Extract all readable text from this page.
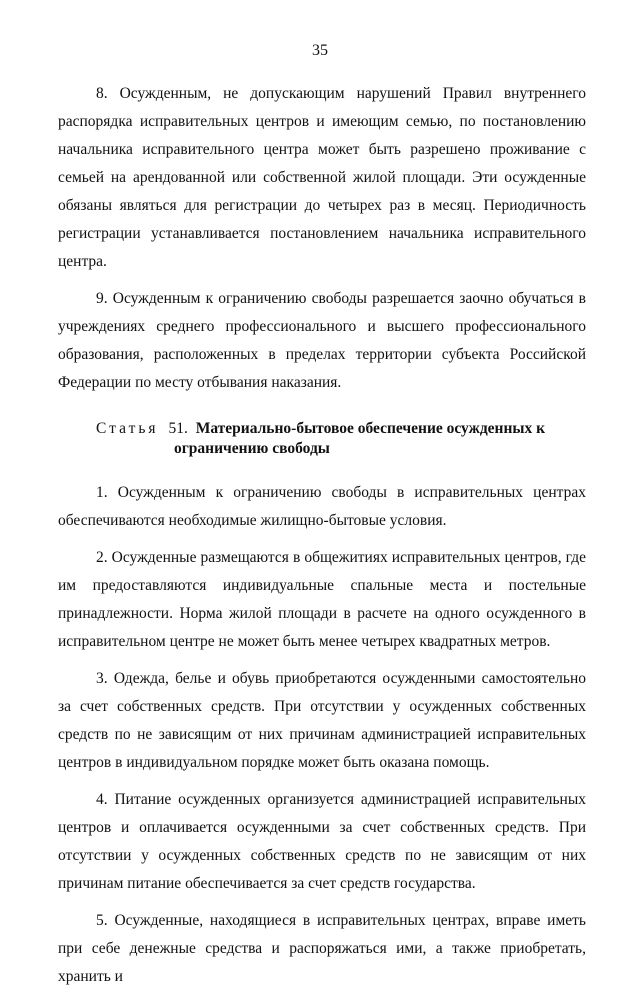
35

8. Осужденным, не допускающим нарушений Правил внутреннего распорядка исправительных центров и имеющим семью, по постановлению начальника исправительного центра может быть разрешено проживание с семьей на арендованной или собственной жилой площади. Эти осужденные обязаны являться для регистрации до четырех раз в месяц. Периодичность регистрации устанавливается постановлением начальника исправительного центра.

9. Осужденным к ограничению свободы разрешается заочно обучаться в учреждениях среднего профессионального и высшего профессионального образования, расположенных в пределах территории субъекта Российской Федерации по месту отбывания наказания.

Статья 51. Материально-бытовое обеспечение осужденных к
ограничению свободы

1. Осужденным к ограничению свободы в исправительных центрах обеспечиваются необходимые жилищно-бытовые условия.

2. Осужденные размещаются в общежитиях исправительных центров, где им предоставляются индивидуальные спальные места и постельные принадлежности. Норма жилой площади в расчете на одного осужденного в исправительном центре не может быть менее четырех квадратных метров.

3. Одежда, белье и обувь приобретаются осужденными самостоятельно за счет собственных средств. При отсутствии у осужденных собственных средств по не зависящим от них причинам администрацией исправительных центров в индивидуальном порядке может быть оказана помощь.

4. Питание осужденных организуется администрацией исправительных центров и оплачивается осужденными за счет собственных средств. При отсутствии у осужденных собственных средств по не зависящим от них причинам питание обеспечивается за счет средств государства.

5. Осужденные, находящиеся в исправительных центрах, вправе иметь при себе денежные средства и распоряжаться ими, а также приобретать, хранить и
